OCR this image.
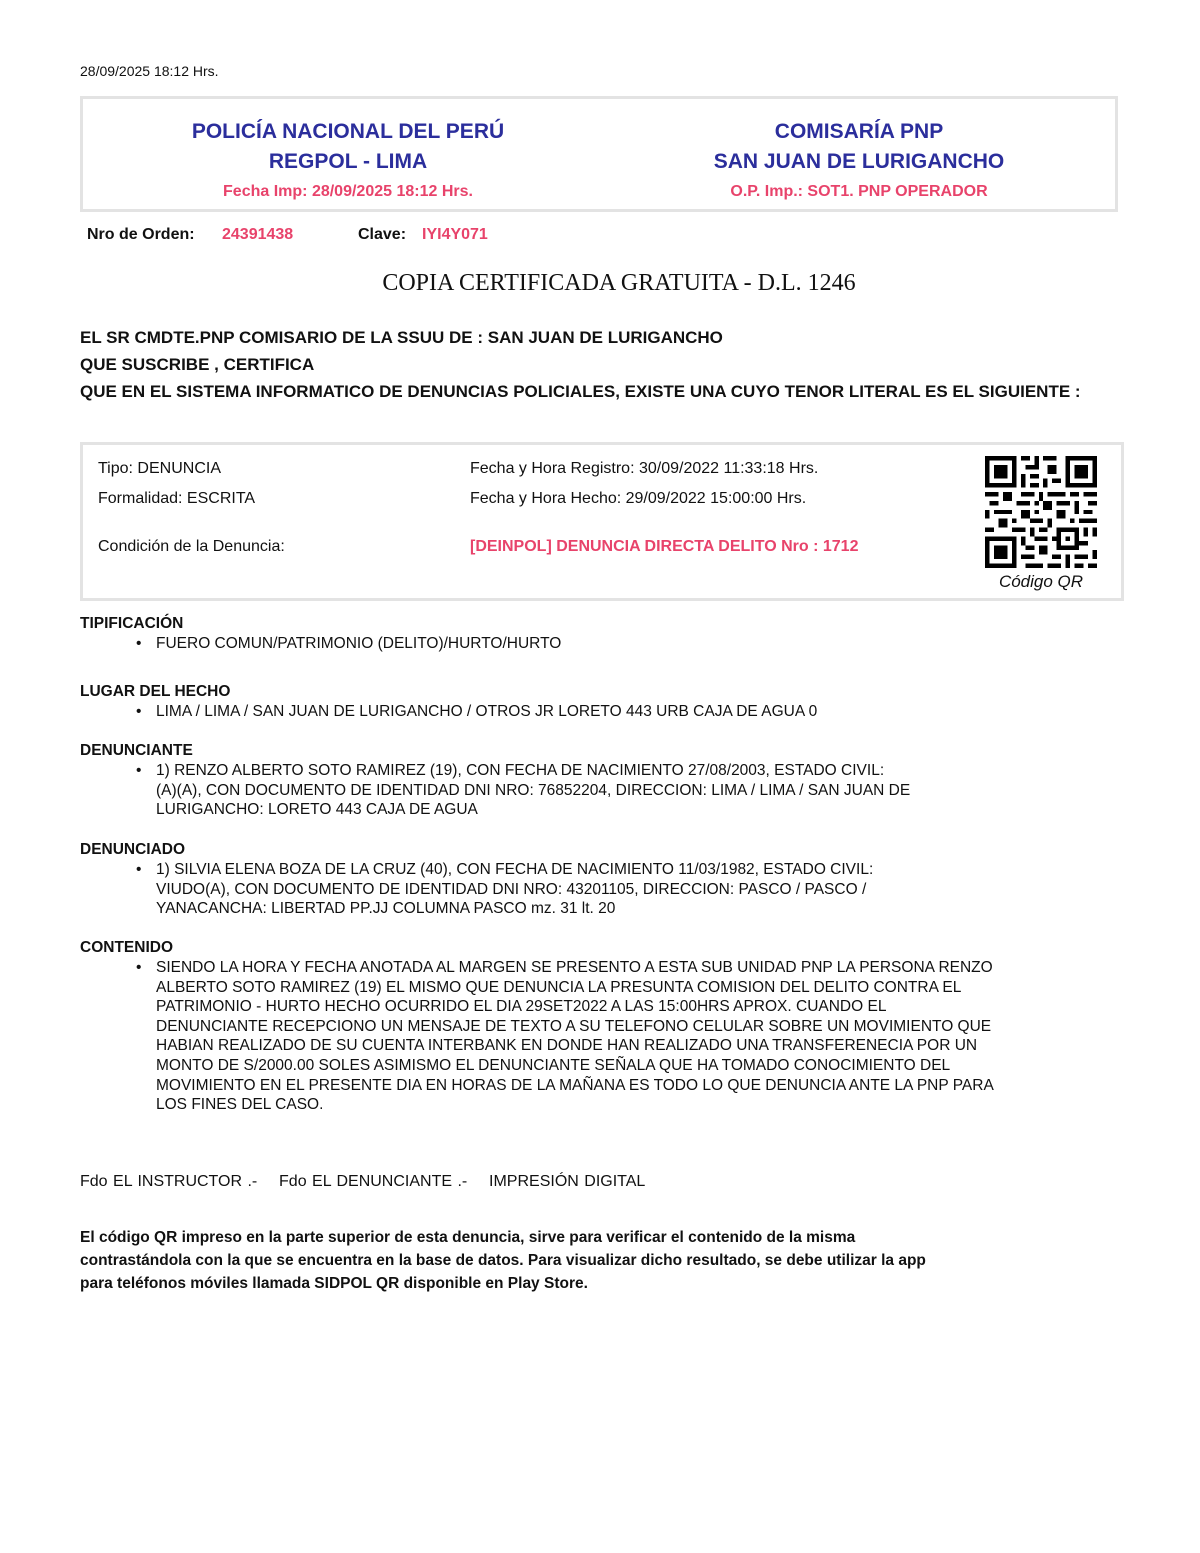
28/09/2025 18:12 Hrs.
POLICÍA NACIONAL DEL PERÚ
REGPOL - LIMA
Fecha Imp: 28/09/2025 18:12 Hrs.
COMISARÍA PNP
SAN JUAN DE LURIGANCHO
O.P. Imp.: SOT1. PNP OPERADOR
Nro de Orden: 24391438	Clave: IYI4Y071
COPIA CERTIFICADA GRATUITA - D.L. 1246
EL SR CMDTE.PNP COMISARIO DE LA SSUU DE : SAN JUAN DE LURIGANCHO
QUE SUSCRIBE , CERTIFICA
QUE EN EL SISTEMA INFORMATICO DE DENUNCIAS POLICIALES, EXISTE UNA CUYO TENOR LITERAL ES EL SIGUIENTE :
Tipo: DENUNCIA
Formalidad: ESCRITA
Condición de la Denuncia:
Fecha y Hora Registro: 30/09/2022 11:33:18 Hrs.
Fecha y Hora Hecho: 29/09/2022 15:00:00 Hrs.
[DEINPOL] DENUNCIA DIRECTA DELITO Nro : 1712
Código QR
TIPIFICACIÓN
• FUERO COMUN/PATRIMONIO (DELITO)/HURTO/HURTO
LUGAR DEL HECHO
• LIMA / LIMA / SAN JUAN DE LURIGANCHO / OTROS JR LORETO 443 URB CAJA DE AGUA 0
DENUNCIANTE
• 1) RENZO ALBERTO SOTO RAMIREZ (19), CON FECHA DE NACIMIENTO 27/08/2003, ESTADO CIVIL:
(A)(A), CON DOCUMENTO DE IDENTIDAD DNI NRO: 76852204, DIRECCION: LIMA / LIMA / SAN JUAN DE
LURIGANCHO: LORETO 443 CAJA DE AGUA
DENUNCIADO
• 1) SILVIA ELENA BOZA DE LA CRUZ (40), CON FECHA DE NACIMIENTO 11/03/1982, ESTADO CIVIL:
VIUDO(A), CON DOCUMENTO DE IDENTIDAD DNI NRO: 43201105, DIRECCION: PASCO / PASCO /
YANACANCHA: LIBERTAD PP.JJ COLUMNA PASCO mz. 31 lt. 20
CONTENIDO
• SIENDO LA HORA Y FECHA ANOTADA AL MARGEN SE PRESENTO A ESTA SUB UNIDAD PNP LA PERSONA RENZO
ALBERTO SOTO RAMIREZ (19) EL MISMO QUE DENUNCIA LA PRESUNTA COMISION DEL DELITO CONTRA EL
PATRIMONIO - HURTO HECHO OCURRIDO EL DIA 29SET2022 A LAS 15:00HRS APROX. CUANDO EL
DENUNCIANTE RECEPCIONO UN MENSAJE DE TEXTO A SU TELEFONO CELULAR SOBRE UN MOVIMIENTO QUE
HABIAN REALIZADO DE SU CUENTA INTERBANK EN DONDE HAN REALIZADO UNA TRANSFERENECIA POR UN
MONTO DE S/2000.00 SOLES ASIMISMO EL DENUNCIANTE SEÑALA QUE HA TOMADO CONOCIMIENTO DEL
MOVIMIENTO EN EL PRESENTE DIA EN HORAS DE LA MAÑANA ES TODO LO QUE DENUNCIA ANTE LA PNP PARA
LOS FINES DEL CASO.
Fdo EL INSTRUCTOR .-    Fdo EL DENUNCIANTE .-    IMPRESIÓN DIGITAL
El código QR impreso en la parte superior de esta denuncia, sirve para verificar el contenido de la misma
contrastándola con la que se encuentra en la base de datos. Para visualizar dicho resultado, se debe utilizar la app
para teléfonos móviles llamada SIDPOL QR disponible en Play Store.
